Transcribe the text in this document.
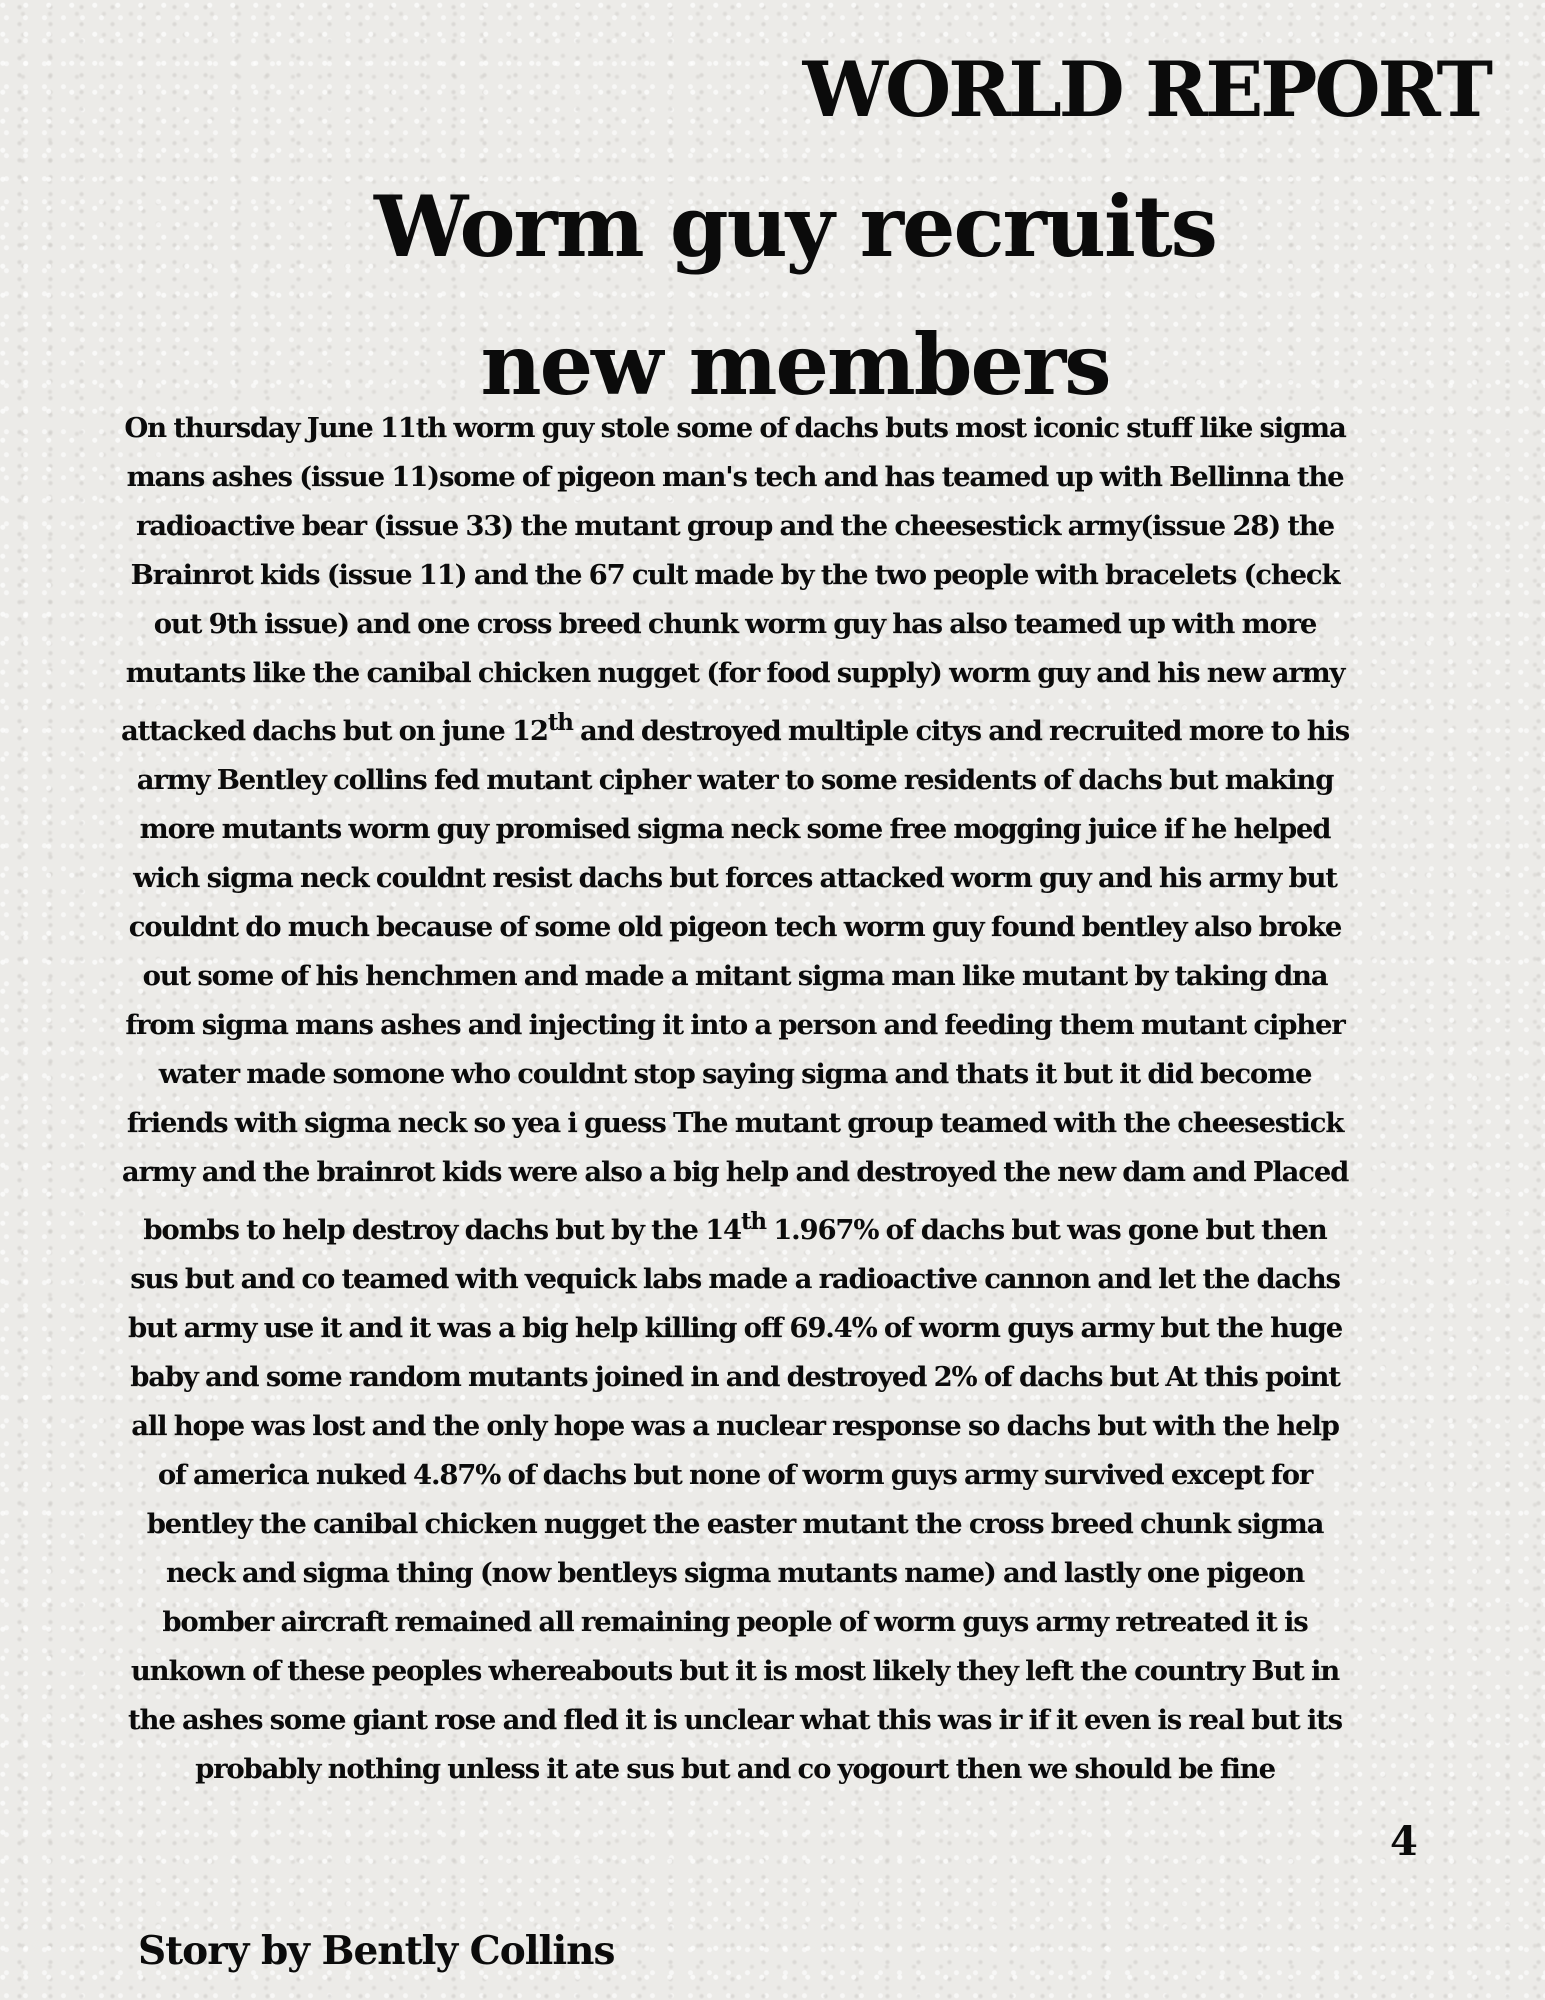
WORLD REPORT
Worm guy recruits
new members

On thursday June 11th worm guy stole some of dachs buts most iconic stuff like sigma mans ashes (issue 11)some of pigeon man's tech and has teamed up with Bellinna the radioactive bear (issue 33) the mutant group and the cheesestick army(issue 28) the Brainrot kids (issue 11) and the 67 cult made by the two people with bracelets (check out 9th issue) and one cross breed chunk worm guy has also teamed up with more mutants like the canibal chicken nugget (for food supply) worm guy and his new army attacked dachs but on june 12th and destroyed multiple citys and recruited more to his army Bentley collins fed mutant cipher water to some residents of dachs but making more mutants worm guy promised sigma neck some free mogging juice if he helped wich sigma neck couldnt resist dachs but forces attacked worm guy and his army but couldnt do much because of some old pigeon tech worm guy found bentley also broke out some of his henchmen and made a mitant sigma man like mutant by taking dna from sigma mans ashes and injecting it into a person and feeding them mutant cipher water made somone who couldnt stop saying sigma and thats it but it did become friends with sigma neck so yea i guess The mutant group teamed with the cheesestick army and the brainrot kids were also a big help and destroyed the new dam and Placed bombs to help destroy dachs but by the 14th 1.967% of dachs but was gone but then sus but and co teamed with vequick labs made a radioactive cannon and let the dachs but army use it and it was a big help killing off 69.4% of worm guys army but the huge baby and some random mutants joined in and destroyed 2% of dachs but At this point all hope was lost and the only hope was a nuclear response so dachs but with the help of america nuked 4.87% of dachs but none of worm guys army survived except for bentley the canibal chicken nugget the easter mutant the cross breed chunk sigma neck and sigma thing (now bentleys sigma mutants name) and lastly one pigeon bomber aircraft remained all remaining people of worm guys army retreated it is unkown of these peoples whereabouts but it is most likely they left the country But in the ashes some giant rose and fled it is unclear what this was ir if it even is real but its probably nothing unless it ate sus but and co yogourt then we should be fine

4

Story by Bently Collins
